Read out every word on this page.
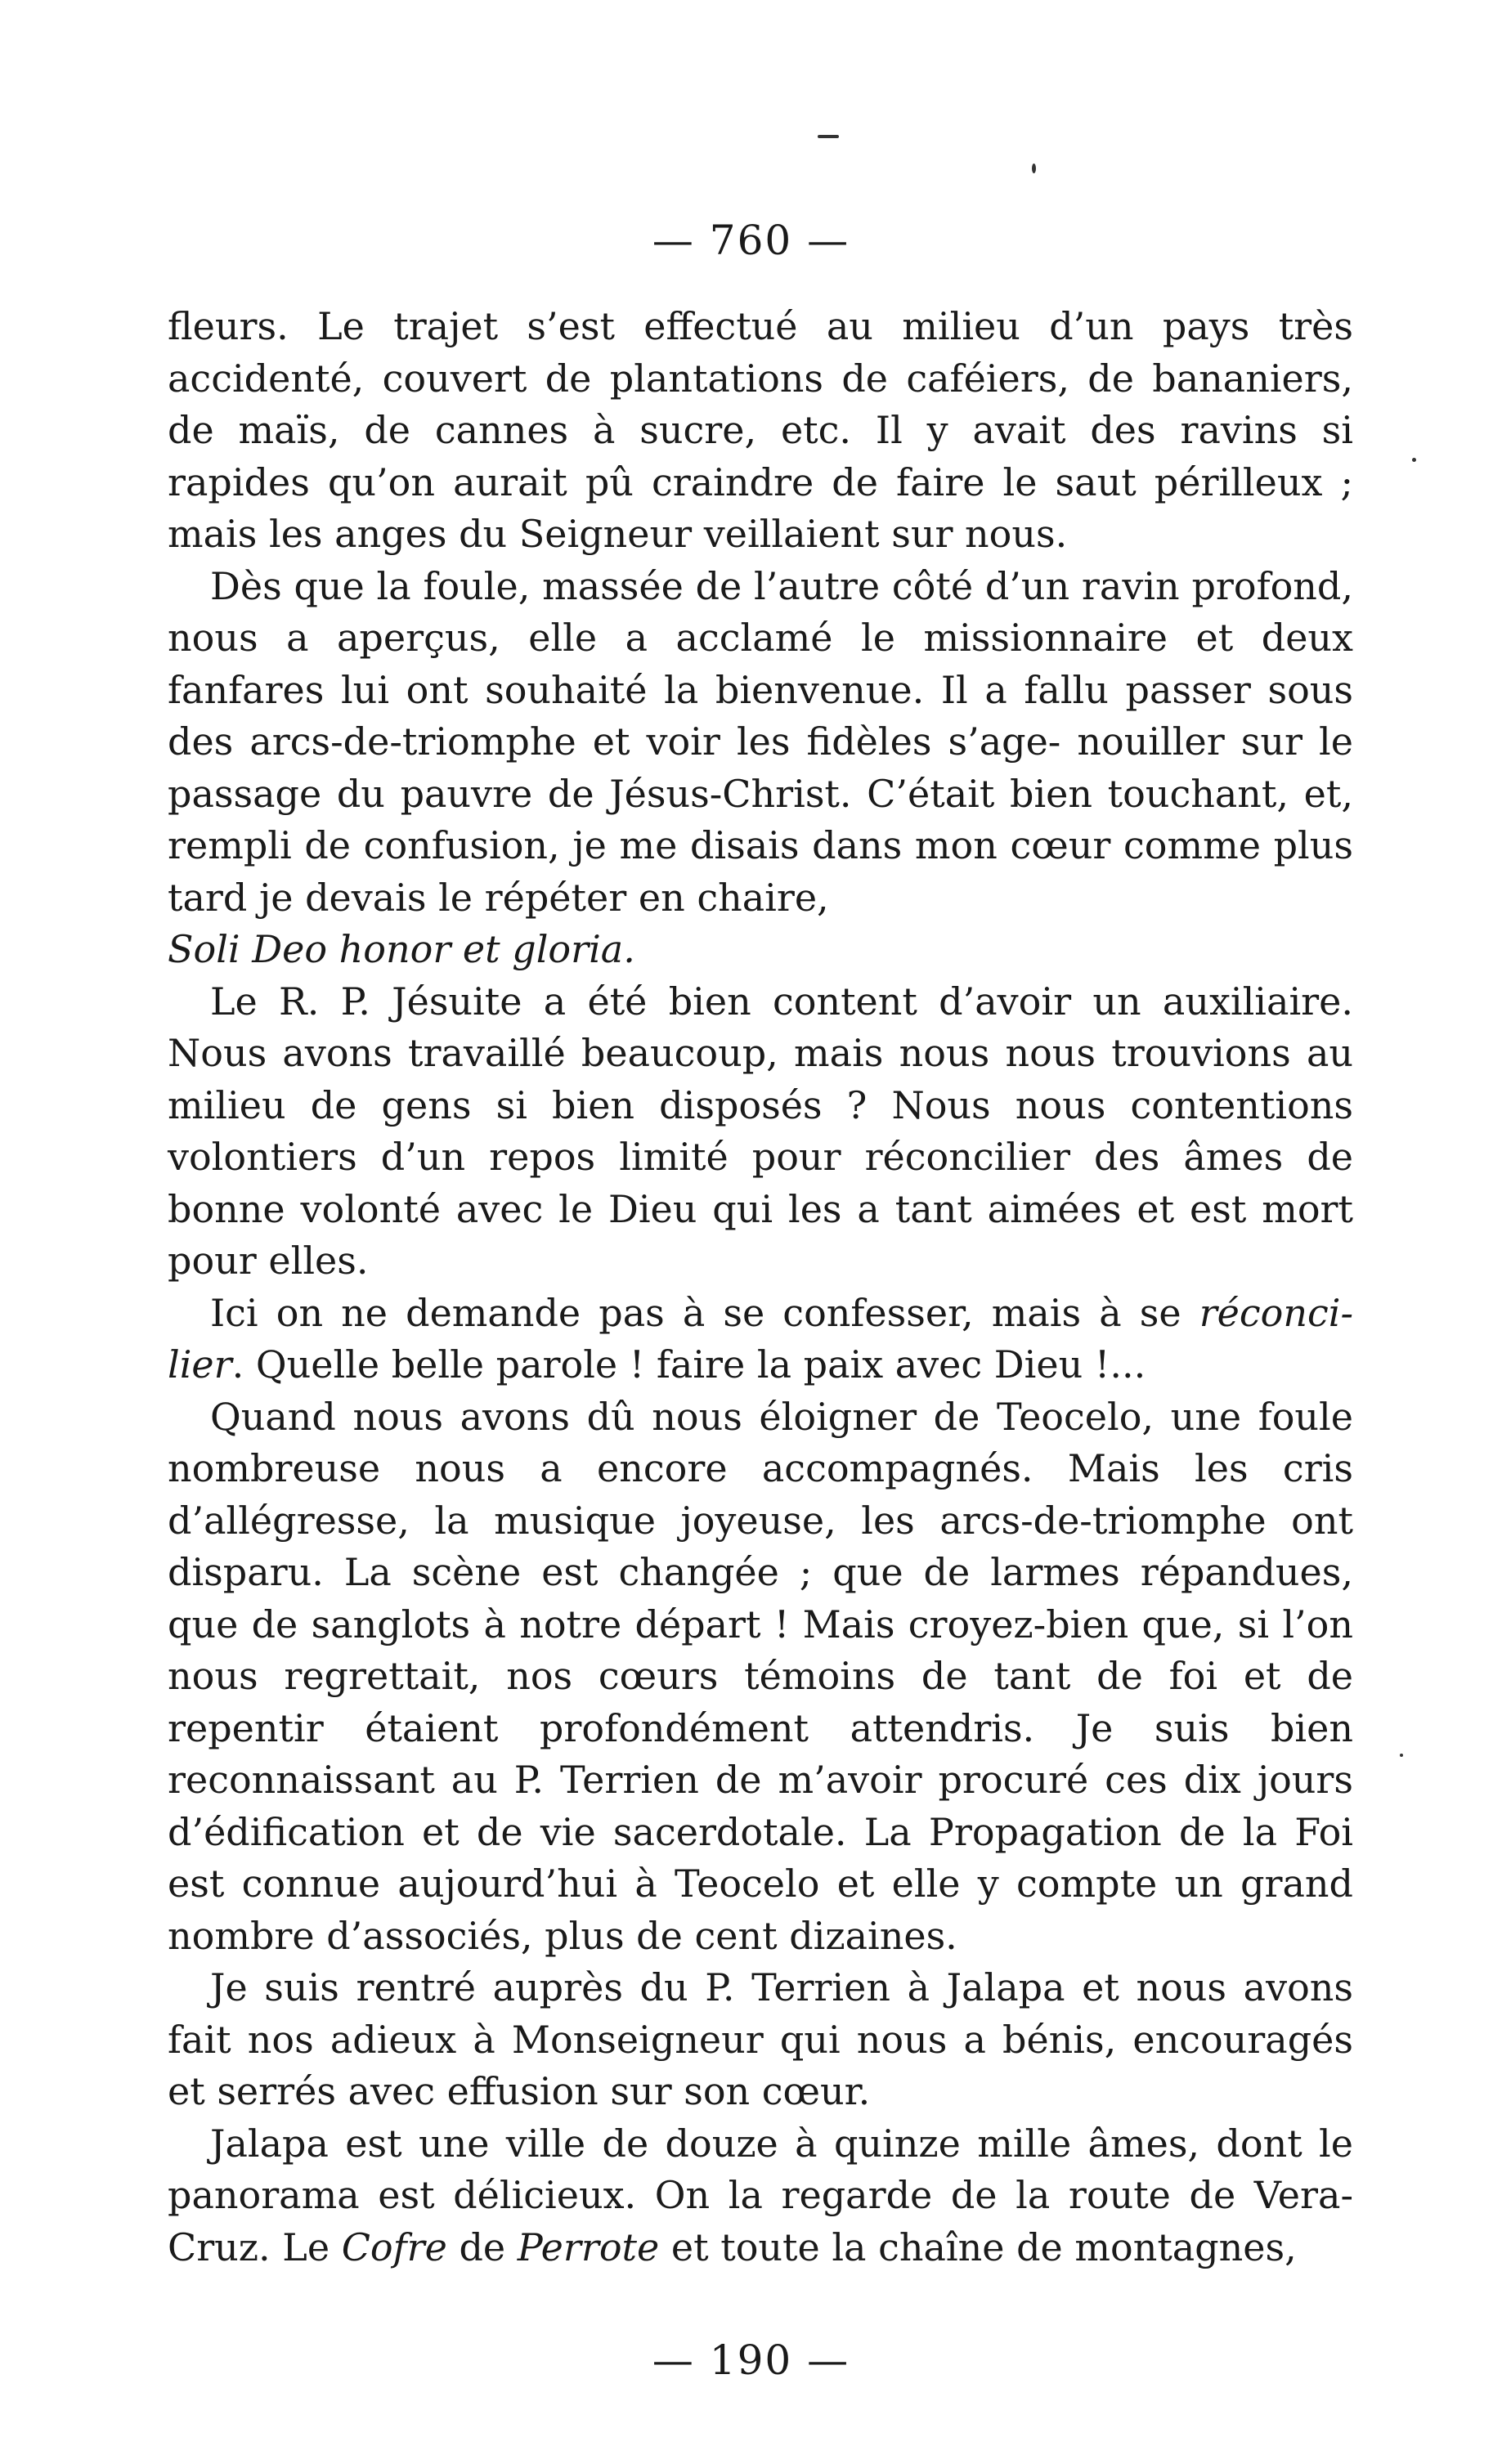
— 760 —

fleurs. Le trajet s’est effectué au milieu d’un pays très accidenté, couvert de plantations de caféiers, de bananiers, de maïs, de cannes à sucre, etc. Il y avait des ravins si rapides qu’on aurait pû craindre de faire le saut périlleux ; mais les anges du Seigneur veillaient sur nous.

Dès que la foule, massée de l’autre côté d’un ravin profond, nous a aperçus, elle a acclamé le missionnaire et deux fanfares lui ont souhaité la bienvenue. Il a fallu passer sous des arcs-de-triomphe et voir les fidèles s’age- nouiller sur le passage du pauvre de Jésus-Christ. C’était bien touchant, et, rempli de confusion, je me disais dans mon cœur comme plus tard je devais le répéter en chaire,

Soli Deo honor et gloria.

Le R. P. Jésuite a été bien content d’avoir un auxiliaire. Nous avons travaillé beaucoup, mais nous nous trouvions au milieu de gens si bien disposés ? Nous nous contentions volontiers d’un repos limité pour réconcilier des âmes de bonne volonté avec le Dieu qui les a tant aimées et est mort pour elles.

Ici on ne demande pas à se confesser, mais à se réconci-lier. Quelle belle parole ! faire la paix avec Dieu !...

Quand nous avons dû nous éloigner de Teocelo, une foule nombreuse nous a encore accompagnés. Mais les cris d’allégresse, la musique joyeuse, les arcs-de-triomphe ont disparu. La scène est changée ; que de larmes répandues, que de sanglots à notre départ ! Mais croyez-bien que, si l’on nous regrettait, nos cœurs témoins de tant de foi et de repentir étaient profondément attendris. Je suis bien reconnaissant au P. Terrien de m’avoir procuré ces dix jours d’édification et de vie sacerdotale. La Propagation de la Foi est connue aujourd’hui à Teocelo et elle y compte un grand nombre d’associés, plus de cent dizaines.

Je suis rentré auprès du P. Terrien à Jalapa et nous avons fait nos adieux à Monseigneur qui nous a bénis, encouragés et serrés avec effusion sur son cœur.

Jalapa est une ville de douze à quinze mille âmes, dont le panorama est délicieux. On la regarde de la route de Vera-Cruz. Le Cofre de Perrote et toute la chaîne de montagnes,

— 190 —
